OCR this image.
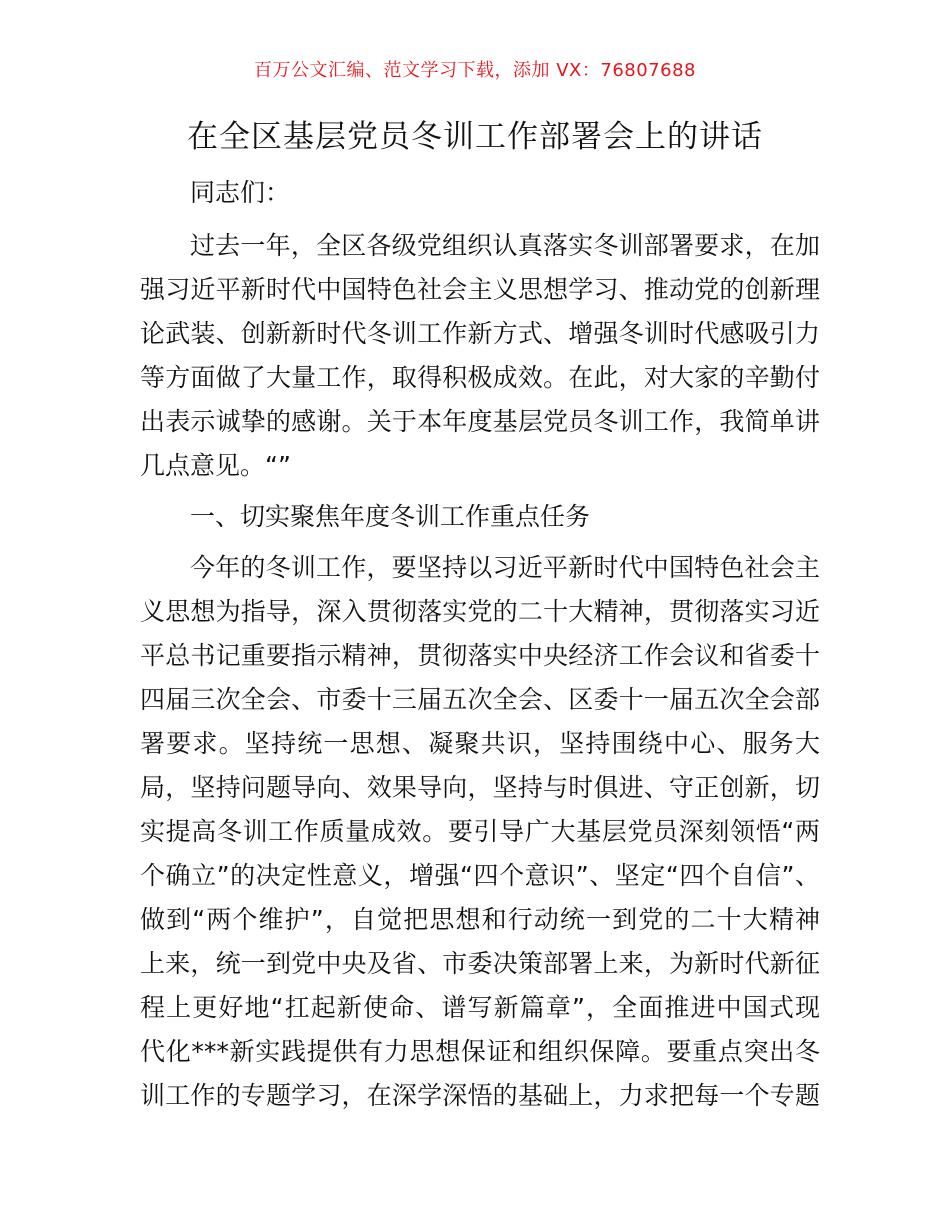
百万公文汇编、范文学习下载，添加 VX：76807688
在全区基层党员冬训工作部署会上的讲话
同志们：
过去一年，全区各级党组织认真落实冬训部署要求，在加
强习近平新时代中国特色社会主义思想学习、推动党的创新理
论武装、创新新时代冬训工作新方式、增强冬训时代感吸引力
等方面做了大量工作，取得积极成效。在此，对大家的辛勤付
出表示诚挚的感谢。关于本年度基层党员冬训工作，我简单讲
几点意见。“”
一、切实聚焦年度冬训工作重点任务
今年的冬训工作，要坚持以习近平新时代中国特色社会主
义思想为指导，深入贯彻落实党的二十大精神，贯彻落实习近
平总书记重要指示精神，贯彻落实中央经济工作会议和省委十
四届三次全会、市委十三届五次全会、区委十一届五次全会部
署要求。坚持统一思想、凝聚共识，坚持围绕中心、服务大
局，坚持问题导向、效果导向，坚持与时俱进、守正创新，切
实提高冬训工作质量成效。要引导广大基层党员深刻领悟“两
个确立”的决定性意义，增强“四个意识”、坚定“四个自信”、
做到“两个维护”，自觉把思想和行动统一到党的二十大精神
上来，统一到党中央及省、市委决策部署上来，为新时代新征
程上更好地“扛起新使命、谱写新篇章”，全面推进中国式现
代化***新实践提供有力思想保证和组织保障。要重点突出冬
训工作的专题学习，在深学深悟的基础上，力求把每一个专题
